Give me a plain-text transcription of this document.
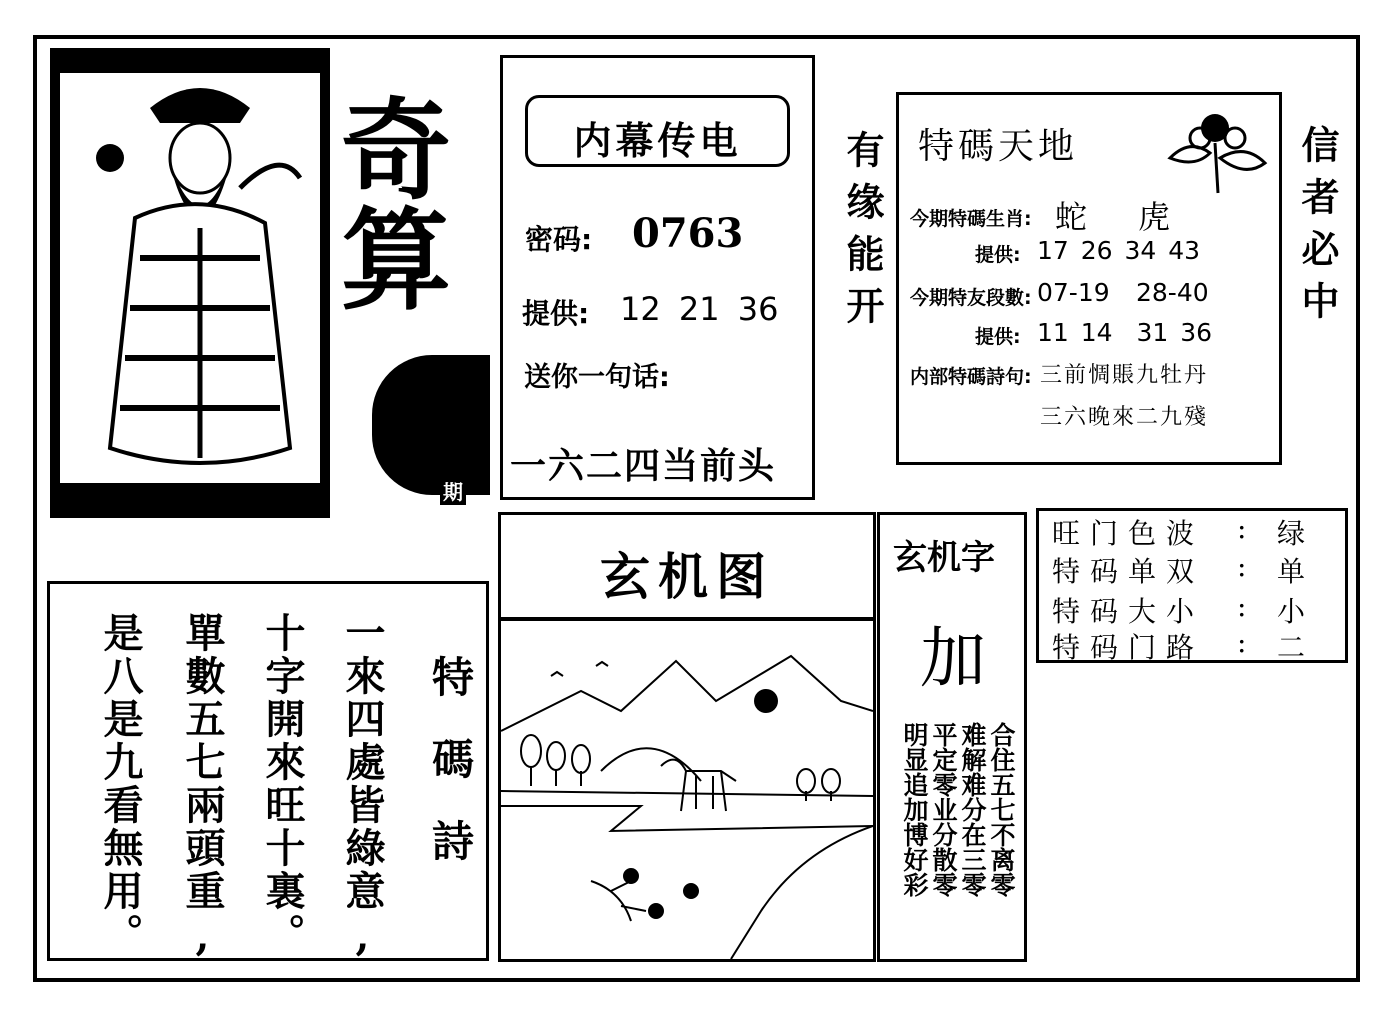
奇算
期
版權所有 翻版必究
内幕传电
密码: 0763
提供: 12 21 36
送你一句话:
一六二四当前头
有缘能开	信者必中
特碼天地
今期特碼生肖: 蛇 虎
提供: 17 26 34 43
今期特友段數: 07-19 28-40
提供: 11 14  31 36
内部特碼詩句: 三前惆賬九牡丹
三六晚來二九殘
特碼詩
一來四處皆綠意,
十字開來旺十裏。
單數五七兩頭重,
是八是九看無用。
玄机图	玄机字
加
合住五七不离零
难解难分在三零
平定零业分散零
明显追加博好彩
旺门色波 : 绿
特码单双 : 单
特码大小 : 小
特码门路 : 二
